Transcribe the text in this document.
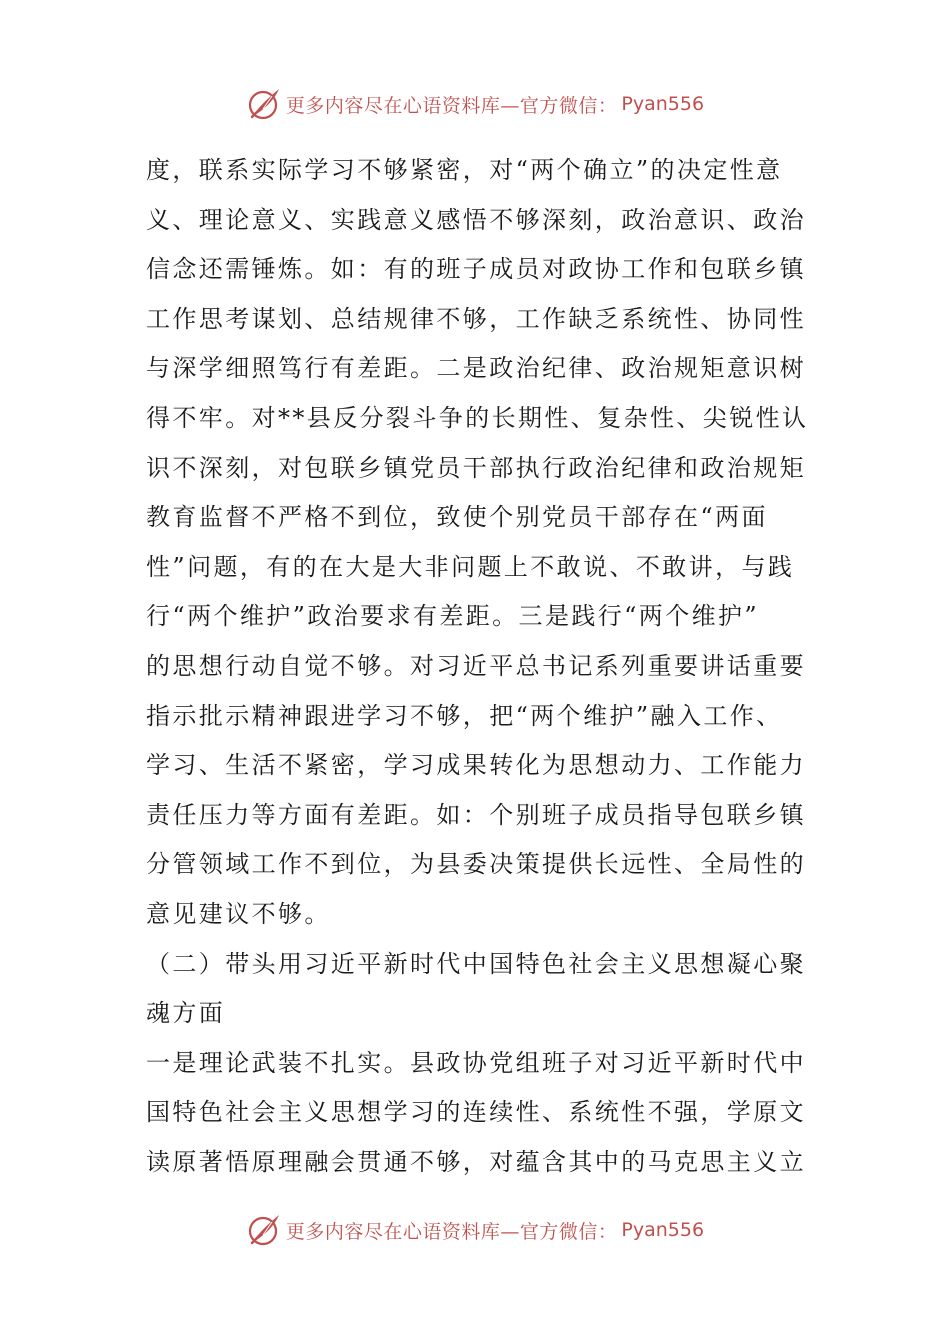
更多内容尽在心语资料库—官方微信： Pyan556
度，联系实际学习不够紧密，对“两个确立”的决定性意
义、理论意义、实践意义感悟不够深刻，政治意识、政治
信念还需锤炼。如：有的班子成员对政协工作和包联乡镇
工作思考谋划、总结规律不够，工作缺乏系统性、协同性
与深学细照笃行有差距。二是政治纪律、政治规矩意识树
得不牢。对**县反分裂斗争的长期性、复杂性、尖锐性认
识不深刻，对包联乡镇党员干部执行政治纪律和政治规矩
教育监督不严格不到位，致使个别党员干部存在“两面
性”问题，有的在大是大非问题上不敢说、不敢讲，与践
行“两个维护”政治要求有差距。三是践行“两个维护”
的思想行动自觉不够。对习近平总书记系列重要讲话重要
指示批示精神跟进学习不够，把“两个维护”融入工作、
学习、生活不紧密，学习成果转化为思想动力、工作能力
责任压力等方面有差距。如：个别班子成员指导包联乡镇
分管领域工作不到位，为县委决策提供长远性、全局性的
意见建议不够。
（二）带头用习近平新时代中国特色社会主义思想凝心聚
魂方面
一是理论武装不扎实。县政协党组班子对习近平新时代中
国特色社会主义思想学习的连续性、系统性不强，学原文
读原著悟原理融会贯通不够，对蕴含其中的马克思主义立
更多内容尽在心语资料库—官方微信： Pyan556
